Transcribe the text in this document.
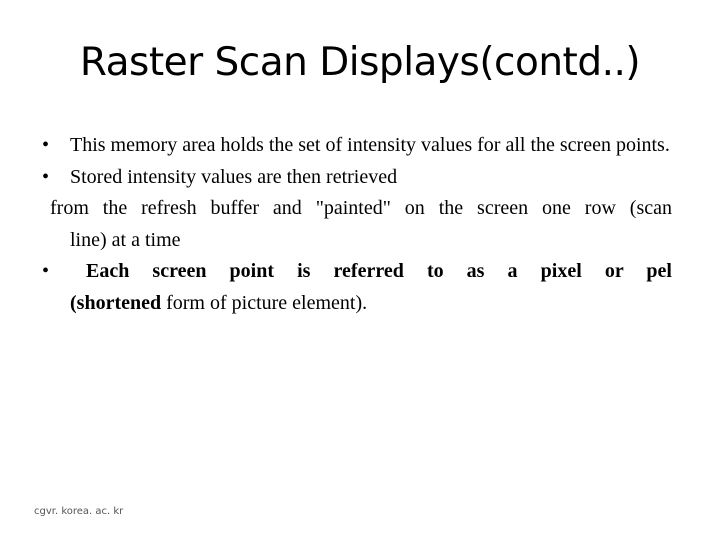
Raster Scan Displays(contd..)
• This memory area holds the set of intensity values for all the screen points.
• Stored intensity values are then retrieved
from the refresh buffer and "painted" on the screen one row (scan
line) at a time
•	Each screen point is referred to as a pixel or pel
(shortened form of picture element).
cgvr. korea. ac. kr
